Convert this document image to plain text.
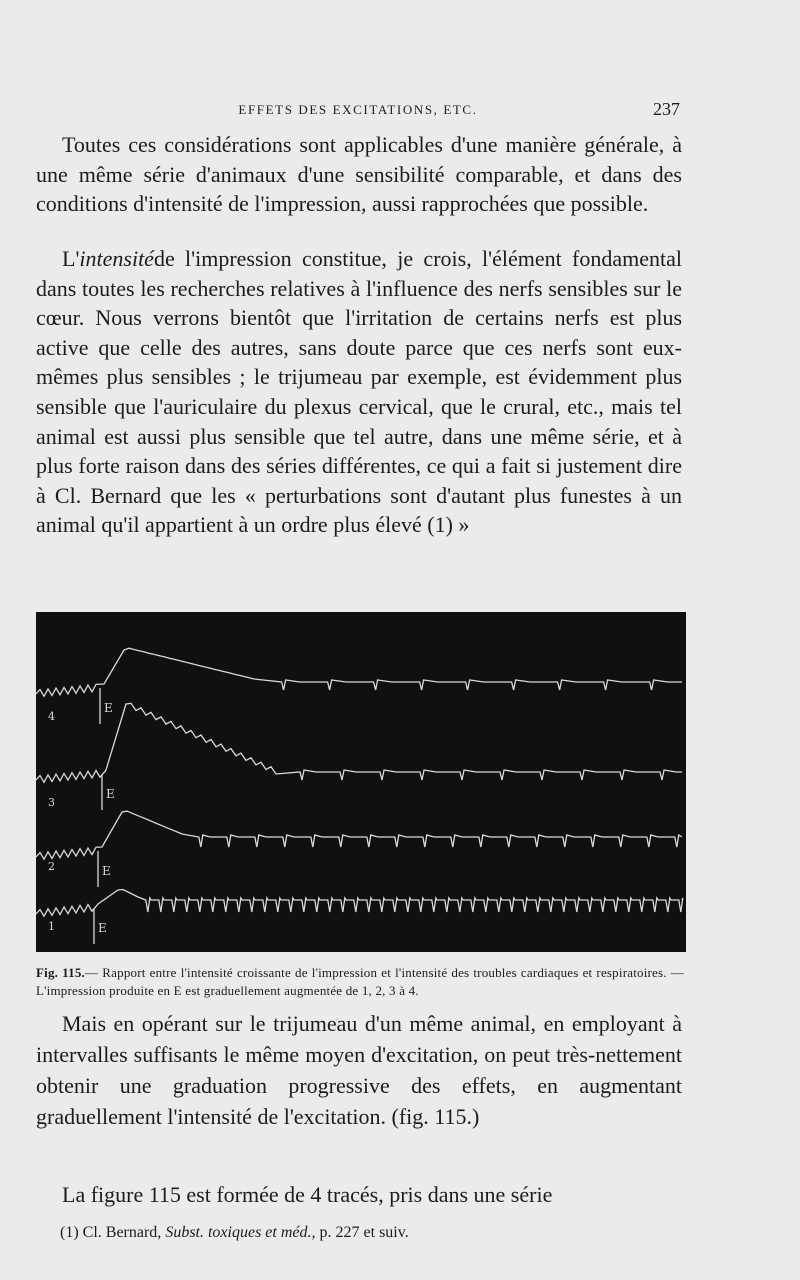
EFFETS DES EXCITATIONS, ETC.	237

Toutes ces considérations sont applicables d'une manière générale, à une même série d'animaux d'une sensibilité comparable, et dans des conditions d'intensité de l'impression, aussi rapprochées que possible.

L'intensitéde l'impression constitue, je crois, l'élément fondamental dans toutes les recherches relatives à l'influence des nerfs sensibles sur le cœur. Nous verrons bientôt que l'irritation de certains nerfs est plus active que celle des autres, sans doute parce que ces nerfs sont eux-mêmes plus sensibles ; le trijumeau par exemple, est évidemment plus sensible que l'auriculaire du plexus cervical, que le crural, etc., mais tel animal est aussi plus sensible que tel autre, dans une même série, et à plus forte raison dans des séries différentes, ce qui a fait si justement dire à Cl. Bernard que les « perturbations sont d'autant plus funestes à un animal qu'il appartient à un ordre plus élevé (1) »

E
4
E
3
E
2
E
1
Fig. 115.— Rapport entre l'intensité croissante de l'impression et l'intensité des troubles cardiaques et respiratoires. — L'impression produite en E est graduellement augmentée de 1, 2, 3 à 4.

Mais en opérant sur le trijumeau d'un même animal, en employant à intervalles suffisants le même moyen d'excitation, on peut très-nettement obtenir une graduation progressive des effets, en augmentant graduellement l'intensité de l'excitation. (fig. 115.)

La figure 115 est formée de 4 tracés, pris dans une série

(1) Cl. Bernard, Subst. toxiques et méd., p. 227 et suiv.
